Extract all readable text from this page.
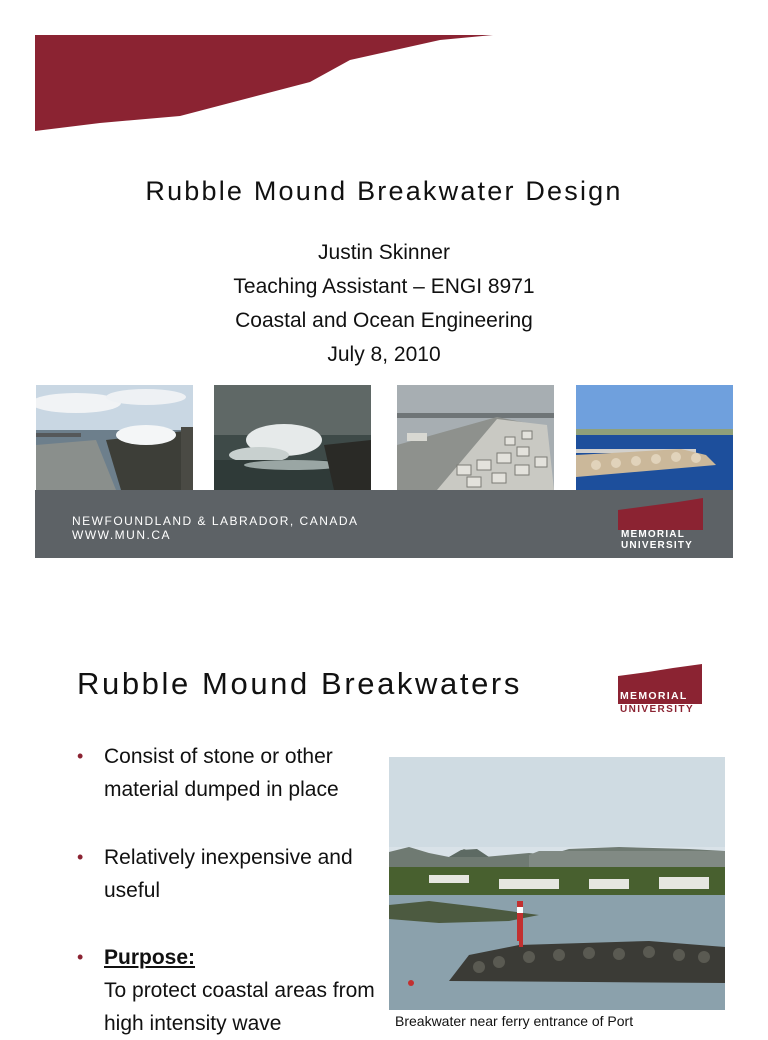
Rubble Mound Breakwater Design
Justin Skinner
Teaching Assistant – ENGI 8971
Coastal and Ocean Engineering
July 8, 2010
NEWFOUNDLAND & LABRADOR, CANADA
WWW.MUN.CA	MEMORIAL
UNIVERSITY
Rubble Mound Breakwaters	MEMORIAL
UNIVERSITY
• Consist of stone or other material dumped in place
• Relatively inexpensive and useful
• Purpose:
To protect coastal areas from high intensity wave	Breakwater near ferry entrance of Port
